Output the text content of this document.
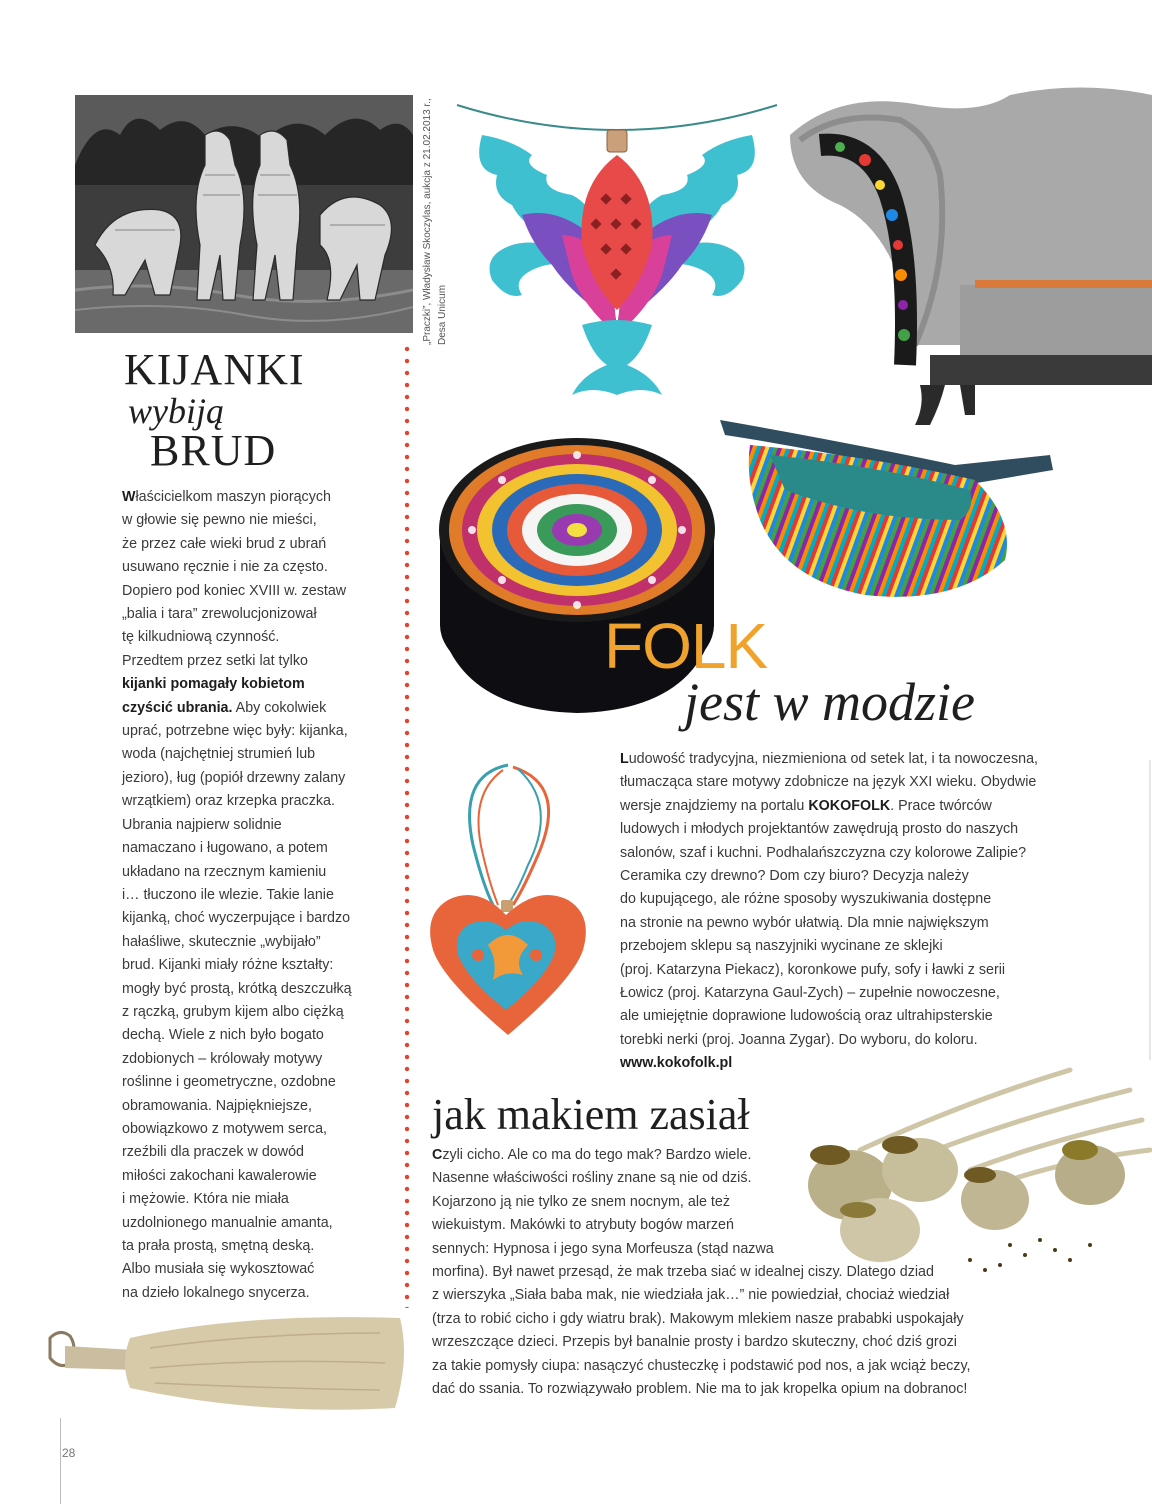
„Praczki”, Władysław Skoczylas, aukcja z 21.02.2013 r., Desa Unicum
KIJANKI
wybiją
BRUD

Właścicielkom maszyn piorących

w głowie się pewno nie mieści,

że przez całe wieki brud z ubrań

usuwano ręcznie i nie za często.

Dopiero pod koniec XVIII w. zestaw

„balia i tara” zrewolucjonizował

tę kilkudniową czynność.

Przedtem przez setki lat tylko

kijanki pomagały kobietom

czyścić ubrania. Aby cokolwiek

uprać, potrzebne więc były: kijanka,

woda (najchętniej strumień lub

jezioro), ług (popiół drzewny zalany

wrzątkiem) oraz krzepka praczka.

Ubrania najpierw solidnie

namaczano i ługowano, a potem

układano na rzecznym kamieniu

i… tłuczono ile wlezie. Takie lanie

kijanką, choć wyczerpujące i bardzo

hałaśliwe, skutecznie „wybijało”

brud. Kijanki miały różne kształty:

mogły być prostą, krótką deszczułką

z rączką, grubym kijem albo ciężką

dechą. Wiele z nich było bogato

zdobionych – królowały motywy

roślinne i geometryczne, ozdobne

obramowania. Najpiękniejsze,

obowiązkowo z motywem serca,

rzeźbili dla praczek w dowód

miłości zakochani kawalerowie

i mężowie. Która nie miała

uzdolnionego manualnie amanta,

ta prała prostą, smętną deską.

Albo musiała się wykosztować

na dzieło lokalnego snycerza.

FOLK
jest w modzie

Ludowość tradycyjna, niezmieniona od setek lat, i ta nowoczesna,

tłumacząca stare motywy zdobnicze na język XXI wieku. Obydwie

wersje znajdziemy na portalu KOKOFOLK. Prace twórców

ludowych i młodych projektantów zawędrują prosto do naszych

salonów, szaf i kuchni. Podhalańszczyzna czy kolorowe Zalipie?

Ceramika czy drewno? Dom czy biuro? Decyzja należy

do kupującego, ale różne sposoby wyszukiwania dostępne

na stronie na pewno wybór ułatwią. Dla mnie największym

przebojem sklepu są naszyjniki wycinane ze sklejki

(proj. Katarzyna Piekacz), koronkowe pufy, sofy i ławki z serii

Łowicz (proj. Katarzyna Gaul-Zych) – zupełnie nowoczesne,

ale umiejętnie doprawione ludowością oraz ultrahipsterskie

torebki nerki (proj. Joanna Zygar). Do wyboru, do koloru.

www.kokofolk.pl

jak makiem zasiał

Czyli cicho. Ale co ma do tego mak? Bardzo wiele.

Nasenne właściwości rośliny znane są nie od dziś.

Kojarzono ją nie tylko ze snem nocnym, ale też

wiekuistym. Makówki to atrybuty bogów marzeń

sennych: Hypnosa i jego syna Morfeusza (stąd nazwa

morfina). Był nawet przesąd, że mak trzeba siać w idealnej ciszy. Dlatego dziad

z wierszyka „Siała baba mak, nie wiedziała jak…” nie powiedział, chociaż wiedział

(trza to robić cicho i gdy wiatru brak). Makowym mlekiem nasze prababki uspokajały

wrzeszczące dzieci. Przepis był banalnie prosty i bardzo skuteczny, choć dziś grozi

za takie pomysły ciupa: nasączyć chusteczkę i podstawić pod nos, a jak wciąż beczy,

dać do ssania. To rozwiązywało problem. Nie ma to jak kropelka opium na dobranoc!

28
